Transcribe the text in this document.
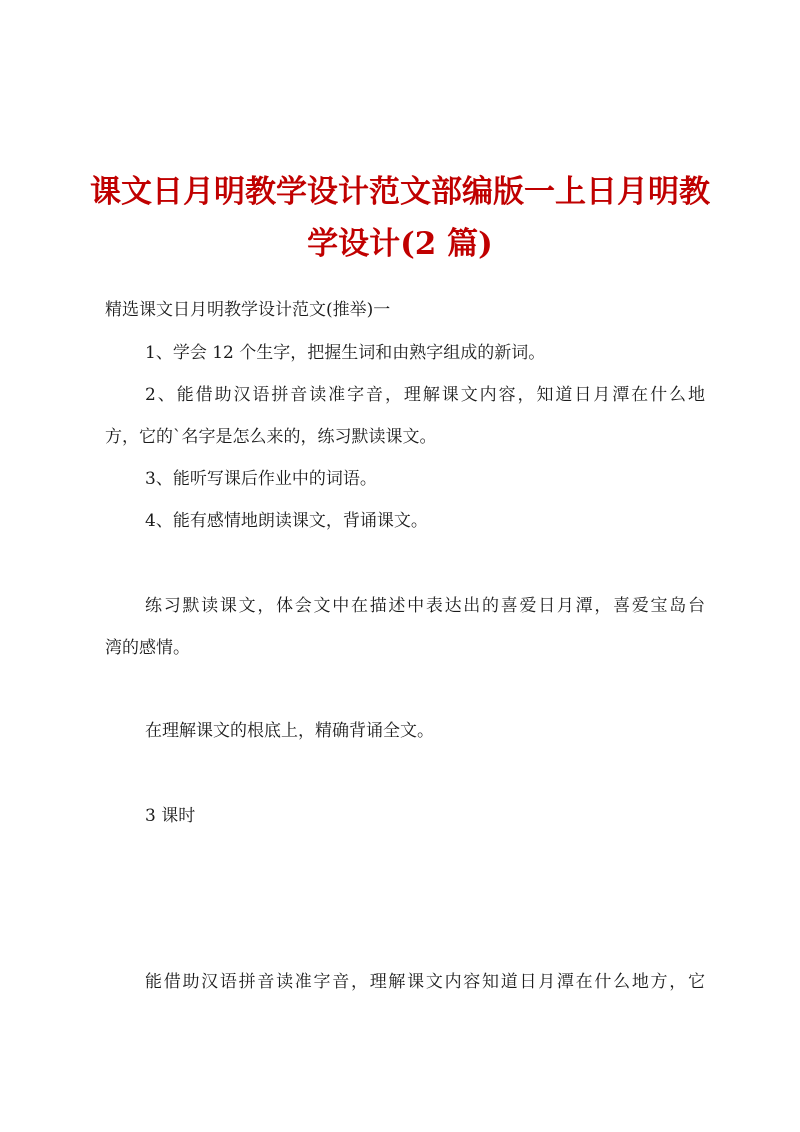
课文日月明教学设计范文部编版一上日月明教
学设计(2 篇)

精选课文日月明教学设计范文(推举)一

1、学会 12 个生字，把握生词和由熟字组成的新词。

2、能借助汉语拼音读准字音，理解课文内容，知道日月潭在什么地

方，它的`名字是怎么来的，练习默读课文。

3、能听写课后作业中的词语。

4、能有感情地朗读课文，背诵课文。

练习默读课文，体会文中在描述中表达出的喜爱日月潭，喜爱宝岛台

湾的感情。

在理解课文的根底上，精确背诵全文。

3 课时

能借助汉语拼音读准字音，理解课文内容知道日月潭在什么地方，它
